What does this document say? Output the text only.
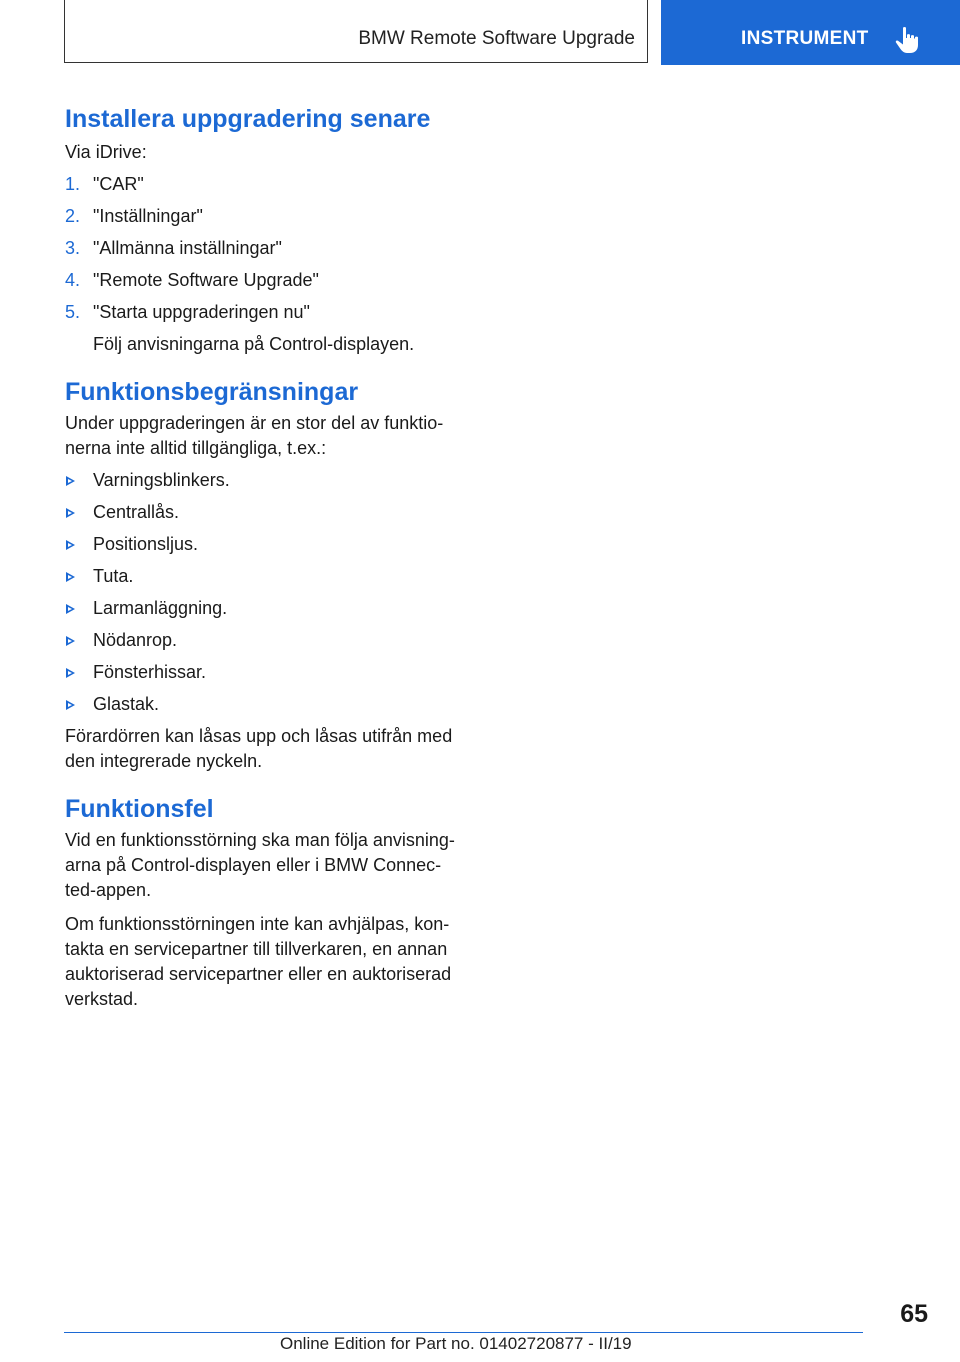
BMW Remote Software Upgrade	INSTRUMENT
Installera uppgradering senare

Via iDrive:

1. "CAR"
2. "Inställningar"
3. "Allmänna inställningar"
4. "Remote Software Upgrade"
5. "Starta uppgraderingen nu"
Följ anvisningarna på Control-displayen.
Funktionsbegränsningar

Under uppgraderingen är en stor del av funktio-

nerna inte alltid tillgängliga, t.ex.:

Varningsblinkers.
Centrallås.
Positionsljus.
Tuta.
Larmanläggning.
Nödanrop.
Fönsterhissar.
Glastak.

Förardörren kan låsas upp och låsas utifrån med

den integrerade nyckeln.

Funktionsfel

Vid en funktionsstörning ska man följa anvisning-

arna på Control-displayen eller i BMW Connec-

ted-appen.

Om funktionsstörningen inte kan avhjälpas, kon-

takta en servicepartner till tillverkaren, en annan

auktoriserad servicepartner eller en auktoriserad

verkstad.

65
Online Edition for Part no. 01402720877 - II/19
